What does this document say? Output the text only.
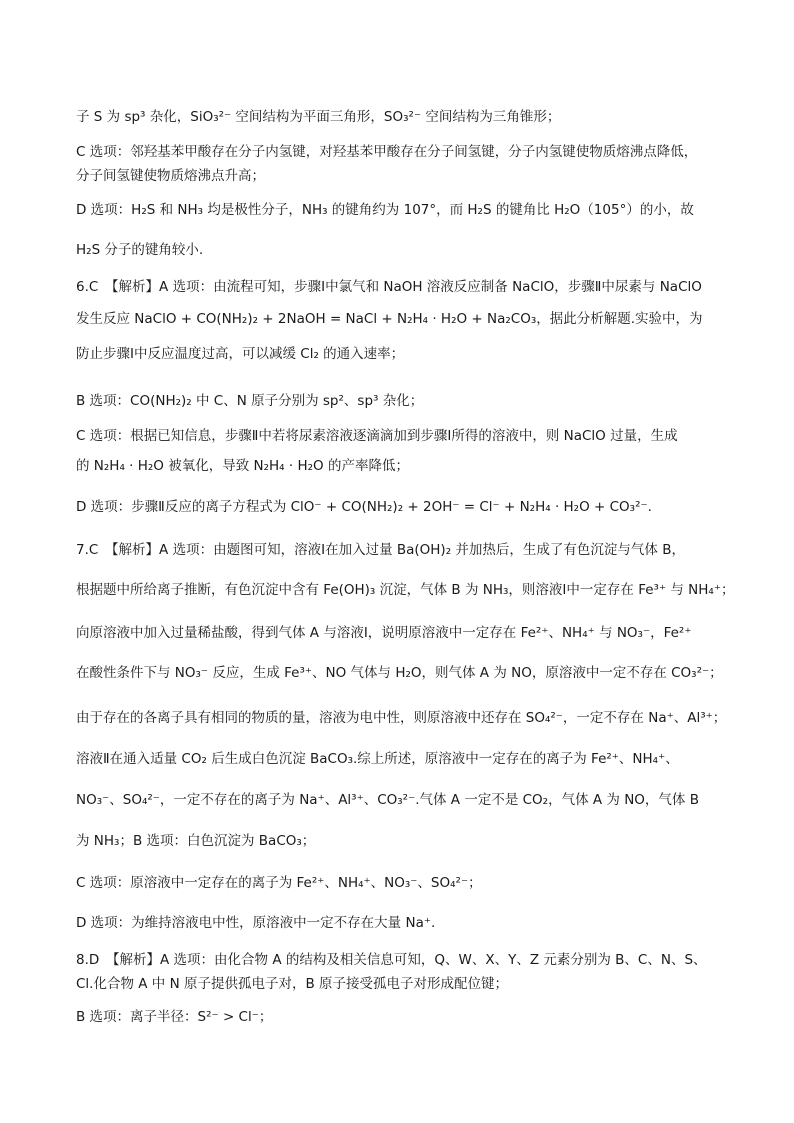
子 S 为 sp³ 杂化，SiO₃²⁻ 空间结构为平面三角形，SO₃²⁻ 空间结构为三角锥形；
C 选项：邻羟基苯甲酸存在分子内氢键，对羟基苯甲酸存在分子间氢键，分子内氢键使物质熔沸点降低，
分子间氢键使物质熔沸点升高；
D 选项：H₂S 和 NH₃ 均是极性分子，NH₃ 的键角约为 107°，而 H₂S 的键角比 H₂O（105°）的小，故
H₂S 分子的键角较小.
6.C　【解析】A 选项：由流程可知，步骤Ⅰ中氯气和 NaOH 溶液反应制备 NaClO，步骤Ⅱ中尿素与 NaClO
发生反应 NaClO + CO(NH₂)₂ + 2NaOH = NaCl + N₂H₄ · H₂O + Na₂CO₃，据此分析解题.实验中，为
防止步骤Ⅰ中反应温度过高，可以减缓 Cl₂ 的通入速率；
B 选项：CO(NH₂)₂ 中 C、N 原子分别为 sp²、sp³ 杂化；
C 选项：根据已知信息，步骤Ⅱ中若将尿素溶液逐滴滴加到步骤Ⅰ所得的溶液中，则 NaClO 过量，生成
的 N₂H₄ · H₂O 被氧化，导致 N₂H₄ · H₂O 的产率降低；
D 选项：步骤Ⅱ反应的离子方程式为 ClO⁻ + CO(NH₂)₂ + 2OH⁻ = Cl⁻ + N₂H₄ · H₂O + CO₃²⁻.
7.C　【解析】A 选项：由题图可知，溶液Ⅰ在加入过量 Ba(OH)₂ 并加热后，生成了有色沉淀与气体 B，
根据题中所给离子推断，有色沉淀中含有 Fe(OH)₃ 沉淀，气体 B 为 NH₃，则溶液Ⅰ中一定存在 Fe³⁺ 与 NH₄⁺；
向原溶液中加入过量稀盐酸，得到气体 A 与溶液Ⅰ，说明原溶液中一定存在 Fe²⁺、NH₄⁺ 与 NO₃⁻，Fe²⁺
在酸性条件下与 NO₃⁻ 反应，生成 Fe³⁺、NO 气体与 H₂O，则气体 A 为 NO，原溶液中一定不存在 CO₃²⁻；
由于存在的各离子具有相同的物质的量，溶液为电中性，则原溶液中还存在 SO₄²⁻，一定不存在 Na⁺、Al³⁺；
溶液Ⅱ在通入适量 CO₂ 后生成白色沉淀 BaCO₃.综上所述，原溶液中一定存在的离子为 Fe²⁺、NH₄⁺、
NO₃⁻、SO₄²⁻，一定不存在的离子为 Na⁺、Al³⁺、CO₃²⁻.气体 A 一定不是 CO₂，气体 A 为 NO，气体 B
为 NH₃；B 选项：白色沉淀为 BaCO₃；
C 选项：原溶液中一定存在的离子为 Fe²⁺、NH₄⁺、NO₃⁻、SO₄²⁻；
D 选项：为维持溶液电中性，原溶液中一定不存在大量 Na⁺.
8.D　【解析】A 选项：由化合物 A 的结构及相关信息可知，Q、W、X、Y、Z 元素分别为 B、C、N、S、
Cl.化合物 A 中 N 原子提供孤电子对，B 原子接受孤电子对形成配位键；
B 选项：离子半径：S²⁻ > Cl⁻；
